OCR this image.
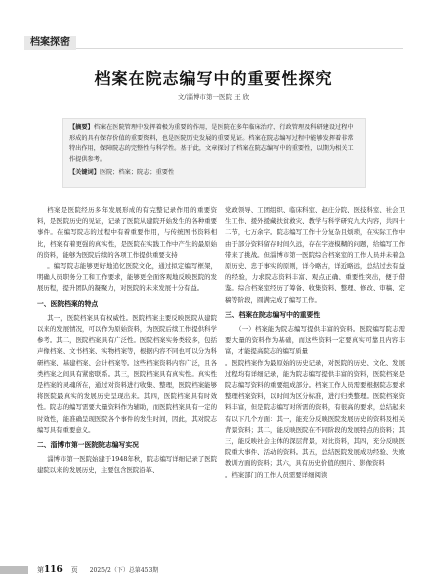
档案探密
档案在院志编写中的重要性探究
文/淄博市第一医院 王 欣

【摘要】档案在医院管理中发挥着极为重要的作用，是医院在多年临床治疗、行政管理及科研建设过程中形成的具有保存价值的重要资料，也是医院历史发展的重要见证。档案在院志编写过程中能够发挥着非常特出作用，保障院志的完整性与科学性。基于此，文章探讨了档案在院志编写中的重要性，以期为相关工作提供参考。

【关键词】医院；档案；院志；重要性

档案是医院经历多年发展形成的有完整记录作用的重要资料，是医院历史的见证，记录了医院从建院开始发生的各种重要事件。在编写院志的过程中有着重要作用，与传统图书资料相比，档案有着更强的真实性，是医院在实践工作中产生的最原始的资料，能够为医院后续的各项工作提供重要支持

。编写院志能够更好地追忆医院文化，通过拟定编写框架，明确人员职务分工和工作要求，能够更全面客观地反映医院的发展历程，提升团队的凝聚力，对医院的未来发展十分有益。

一、医院档案的特点

其一，医院档案具有权威性。医院档案主要反映医院从建院以来的发展情况，可以作为原始资料，为医院后续工作提供科学参考。其二，医院档案具有广泛性。医院档案实务类较多，包括声像档案、文书档案、实物档案等，根据内容不同也可以分为科研档案、基建档案、会计档案等。这些档案资料内容广泛，且各类档案之间具有紧密联系。其三，医院档案具有真实性。真实性是档案的灵魂所在，通过对资料进行收集、整理，医院档案能够将医院最真实的发展历史呈现出来。其四，医院档案具有时效性。院志的编写需要大量资料作为辅助，而医院档案具有一定的时效性，能准确呈现医院各个事件的发生时间，因此，其对院志编写具有重要意义。

二、淄博市第一医院院志编写实况

淄博市第一医院始建于1948年秋，院志编写详细记录了医院建院以来的发展历史，主要包含医院沿革、

党政领导、工团组织、临床科室、赵庄分院、医技科室、社会卫生工作、援外援藏扶贫救灾、教学与科学研究九大内容，共四十二节，七万余字。院志编写工作十分复杂且烦琐，在实际工作中由于部分资料留存时间久远，存在字迹模糊的问题，给编写工作带来了挑战。但淄博市第一医院综合档案室的工作人员并未着急原历史、忠于事实的原则，详今略古，详近略远，总结过去有益的经验，力求院志资料丰富、观点正确、重要性突出，便于借鉴。综合档案室经历了筹备、收集资料、整理、修改、审稿、定稿等阶段，圆满完成了编写工作。

三、档案在院志编写中的重要性

（一）档案能为院志编写提供丰富的资料。医院编写院志需要大量的资料作为基础，而这些资料一定要真实可靠且内容丰富，才能提高院志的编写质量

。医院档案作为最原始的历史记录，对医院的历史、文化、发展过程均有详细记录，能为院志编写提供丰富的资料，医院档案是院志编写资料的重要组成部分。档案工作人员需要根据院志要求整理档案资料，以时间为区分标准，进行归类整理。医院档案资料丰富，但是院志编写对所需的资料，有很高的要求，总结起来有以下几个方面：其一，能充分反映医院发展历史的资料及相关背景资料；其二，能反映医院在不同阶段的发展特点的资料；其三，能反映社会主体的深层背景，对比资料，其四，充分反映医院重大事件、活动的资料。其五，总结医院发展成功经验、失败教训方面的资料；其六，具有历史价值的照片、影像资料

。档案部门的工作人员需要详细阅读

第116 页 2025/2（下）总第453期
